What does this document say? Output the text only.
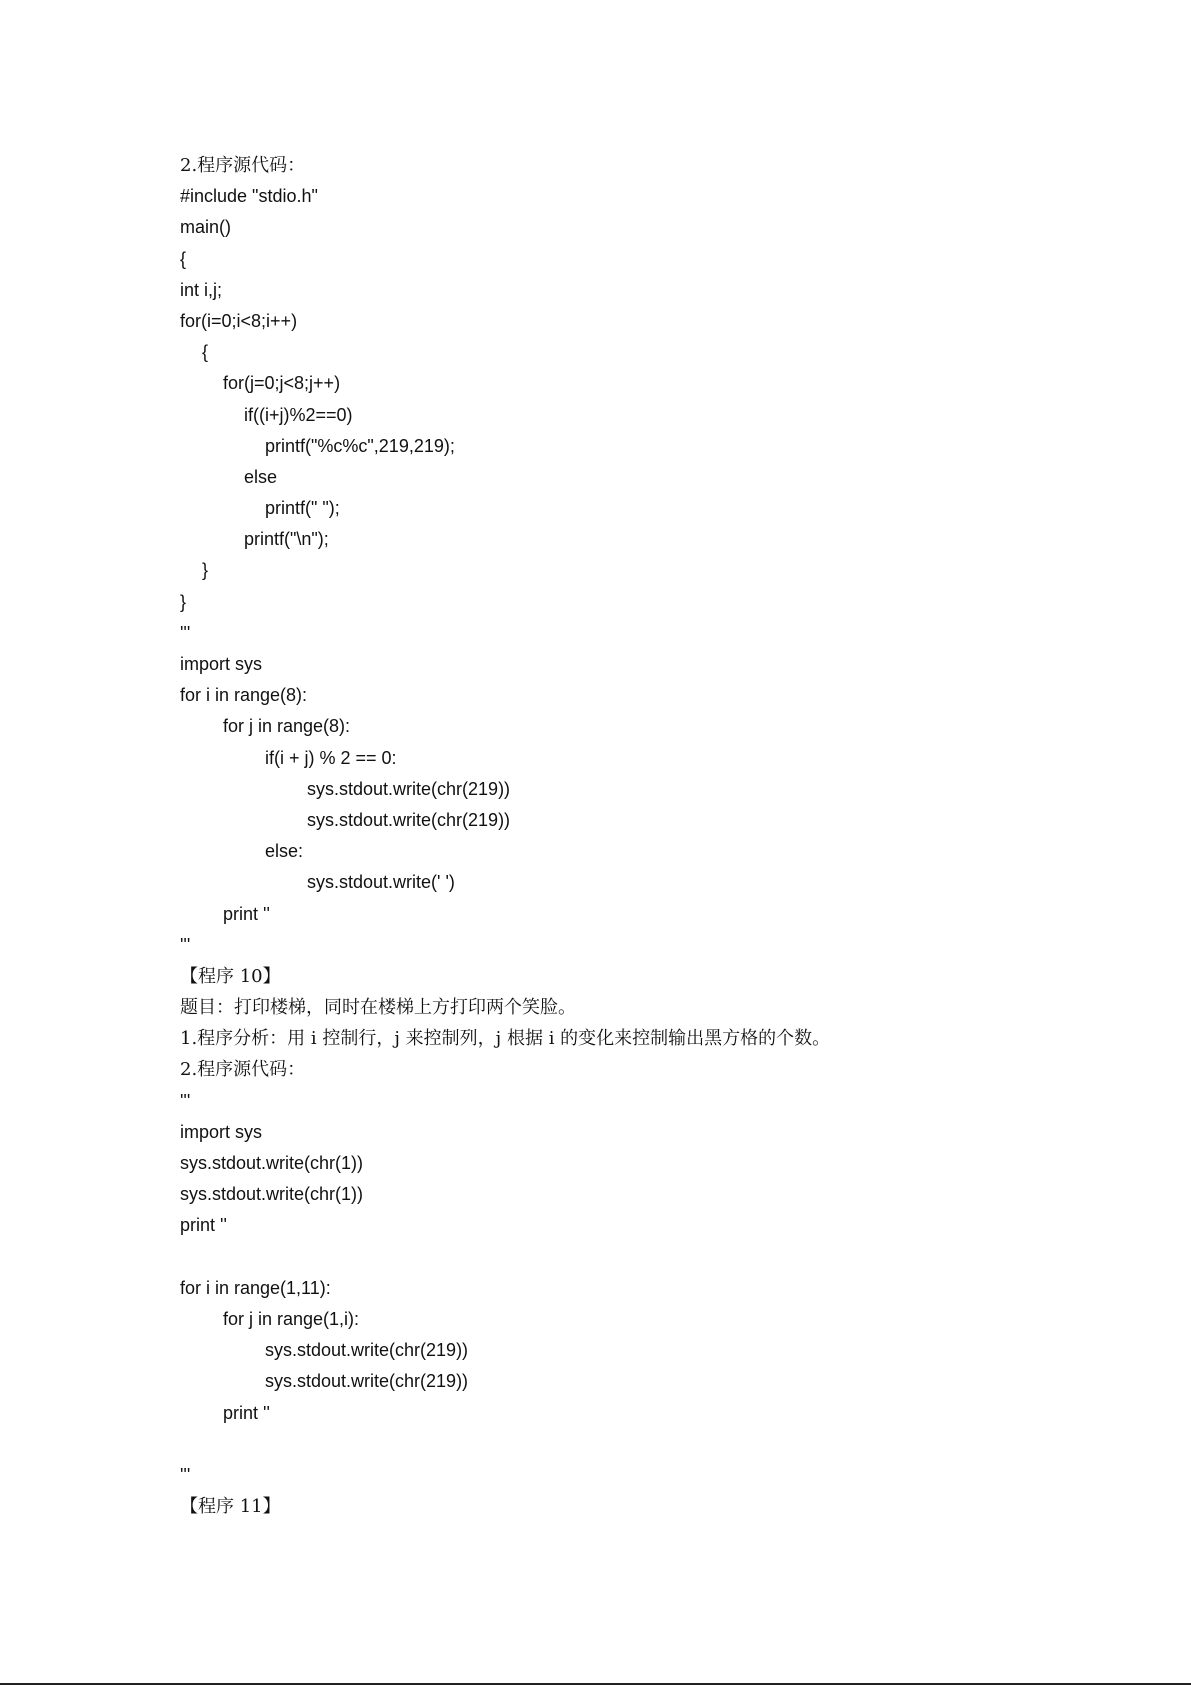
2.程序源代码：
#include "stdio.h"
main()
{
int i,j;
for(i=0;i<8;i++)
{
for(j=0;j<8;j++)
if((i+j)%2==0)
printf("%c%c",219,219);
else
printf(" ");
printf("\n");
}
}
'''
import sys
for i in range(8):
for j in range(8):
if(i + j) % 2 == 0:
sys.stdout.write(chr(219))
sys.stdout.write(chr(219))
else:
sys.stdout.write(' ')
print ''
'''
【程序 10】
题目：打印楼梯，同时在楼梯上方打印两个笑脸。
1.程序分析：用 i 控制行，j 来控制列，j 根据 i 的变化来控制输出黑方格的个数。
2.程序源代码：
'''
import sys
sys.stdout.write(chr(1))
sys.stdout.write(chr(1))
print ''
for i in range(1,11):
for j in range(1,i):
sys.stdout.write(chr(219))
sys.stdout.write(chr(219))
print ''
'''
【程序 11】
